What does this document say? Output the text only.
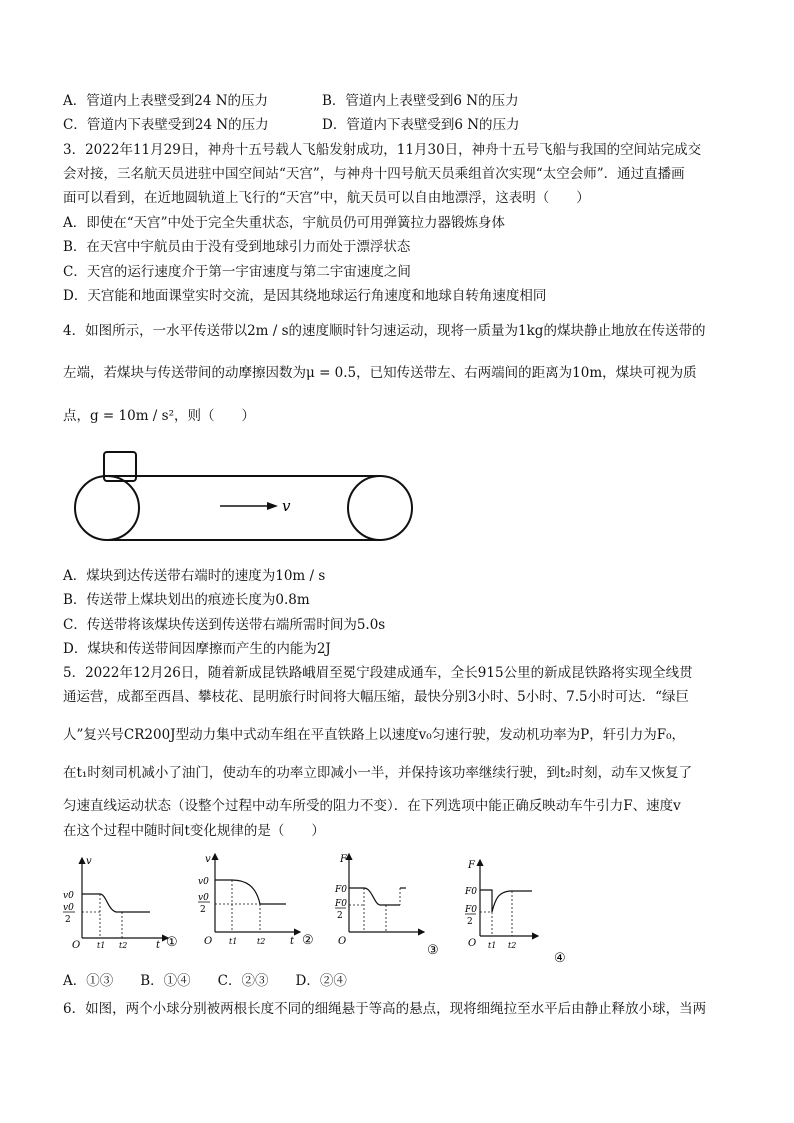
A．管道内上表壁受到24 N的压力	B．管道内上表壁受到6 N的压力
C．管道内下表壁受到24 N的压力	D．管道内下表壁受到6 N的压力
3．2022年11月29日，神舟十五号载人飞船发射成功，11月30日，神舟十五号飞船与我国的空间站完成交
会对接，三名航天员进驻中国空间站“天宫”，与神舟十四号航天员乘组首次实现“太空会师”．通过直播画
面可以看到，在近地圆轨道上飞行的“天宫”中，航天员可以自由地漂浮，这表明（　　）
A．即使在“天宫”中处于完全失重状态，宇航员仍可用弹簧拉力器锻炼身体
B．在天宫中宇航员由于没有受到地球引力而处于漂浮状态
C．天宫的运行速度介于第一宇宙速度与第二宇宙速度之间
D．天宫能和地面课堂实时交流，是因其绕地球运行角速度和地球自转角速度相同
4．如图所示，一水平传送带以2m / s的速度顺时针匀速运动，现将一质量为1kg的煤块静止地放在传送带的
左端，若煤块与传送带间的动摩擦因数为μ = 0.5，已知传送带左、右两端间的距离为10m，煤块可视为质
点，g = 10m / s²，则（　　）
v
A．煤块到达传送带右端时的速度为10m / s
B．传送带上煤块划出的痕迹长度为0.8m
C．传送带将该煤块传送到传送带右端所需时间为5.0s
D．煤块和传送带间因摩擦而产生的内能为2J
5．2022年12月26日，随着新成昆铁路峨眉至冕宁段建成通车，全长915公里的新成昆铁路将实现全线贯
通运营，成都至西昌、攀枝花、昆明旅行时间将大幅压缩，最快分别3小时、5小时、7.5小时可达．“绿巨
人”复兴号CR200J型动力集中式动车组在平直铁路上以速度v₀匀速行驶，发动机功率为P，轩引力为F₀，
在t₁时刻司机减小了油门，使动车的功率立即减小一半，并保持该功率继续行驶，到t₂时刻，动车又恢复了
匀速直线运动状态（设整个过程中动车所受的阻力不变）．在下列选项中能正确反映动车牛引力F、速度v
在这个过程中随时间t变化规律的是（　　）
v
t
O
v0
v0
2
t1 t2	①
v
t
O
v0
v0
2
t1 t2	②
F
O
F0
F0
2
③
F
O
F0
F0
2
t1 t2
④
A．①③　　B．①④　　C．②③　　D．②④
6．如图，两个小球分别被两根长度不同的细绳悬于等高的悬点，现将细绳拉至水平后由静止释放小球，当两
